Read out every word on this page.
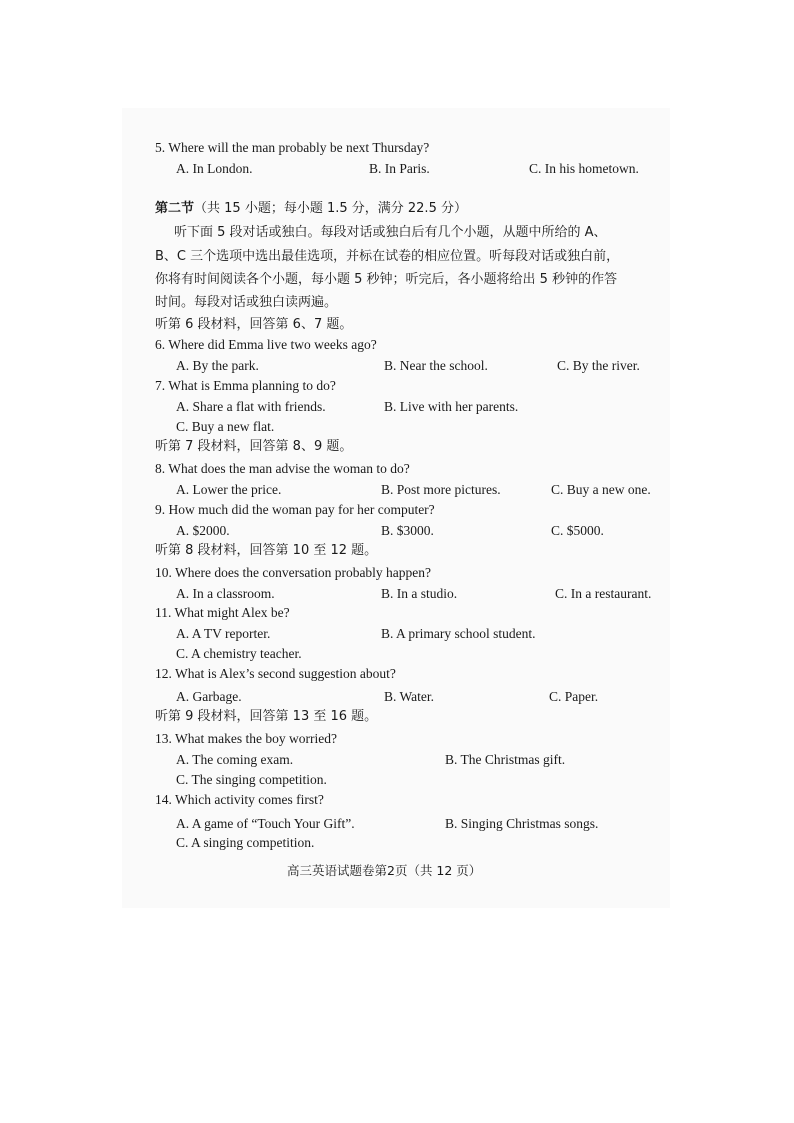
5. Where will the man probably be next Thursday?
A. In London.	B. In Paris.	C. In his hometown.
第二节（共 15 小题；每小题 1.5 分，满分 22.5 分）
听下面 5 段对话或独白。每段对话或独白后有几个小题，从题中所给的 A、
B、C 三个选项中选出最佳选项，并标在试卷的相应位置。听每段对话或独白前，
你将有时间阅读各个小题，每小题 5 秒钟；听完后，各小题将给出 5 秒钟的作答
时间。每段对话或独白读两遍。
听第 6 段材料，回答第 6、7 题。
6. Where did Emma live two weeks ago?
A. By the park.	B. Near the school.	C. By the river.
7. What is Emma planning to do?
A. Share a flat with friends.	B. Live with her parents.
C. Buy a new flat.
听第 7 段材料，回答第 8、9 题。
8. What does the man advise the woman to do?
A. Lower the price.	B. Post more pictures.	C. Buy a new one.
9. How much did the woman pay for her computer?
A. $2000.	B. $3000.	C. $5000.
听第 8 段材料，回答第 10 至 12 题。
10. Where does the conversation probably happen?
A. In a classroom.	B. In a studio.	C. In a restaurant.
11. What might Alex be?
A. A TV reporter.	B. A primary school student.
C. A chemistry teacher.
12. What is Alex’s second suggestion about?
A. Garbage.	B. Water.	C. Paper.
听第 9 段材料，回答第 13 至 16 题。
13. What makes the boy worried?
A. The coming exam.	B. The Christmas gift.
C. The singing competition.
14. Which activity comes first?
A. A game of “Touch Your Gift”.	B. Singing Christmas songs.
C. A singing competition.
高三英语试题卷第2页（共 12 页）
